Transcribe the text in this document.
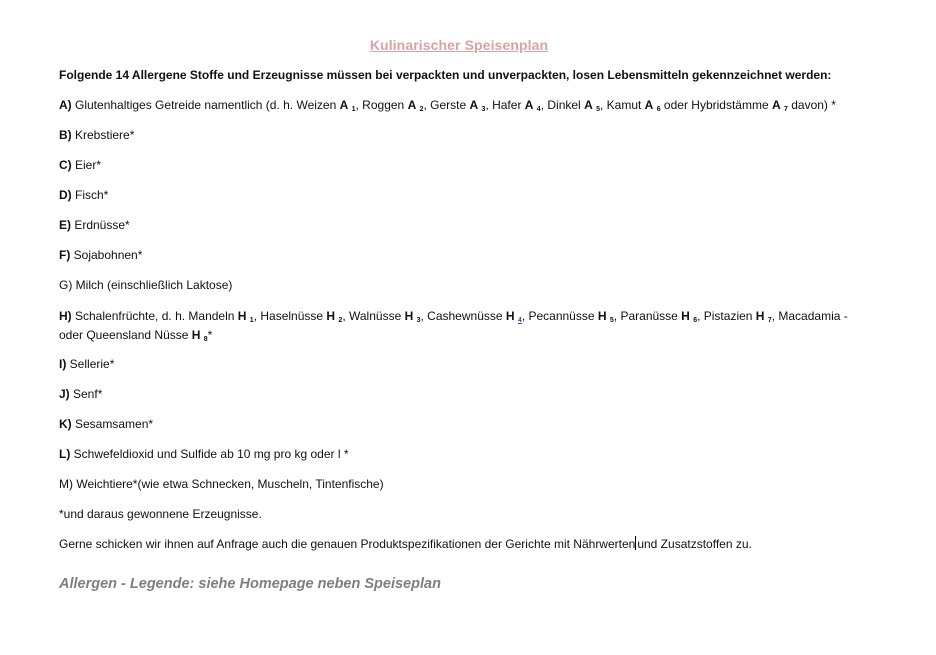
Kulinarischer Speisenplan
Folgende 14 Allergene Stoffe und Erzeugnisse müssen bei verpackten und unverpackten, losen Lebensmitteln gekennzeichnet werden:
A) Glutenhaltiges Getreide namentlich (d. h. Weizen A $_1$, Roggen A $_2$, Gerste A $_3$, Hafer A $_4$, Dinkel A $_5$, Kamut A $_6$ oder Hybridstämme A $_7$ davon) *
B) Krebstiere*
C) Eier*
D) Fisch*
E) Erdnüsse*
F) Sojabohnen*
G) Milch (einschließlich Laktose)
H) Schalenfrüchte, d. h. Mandeln H $_1$, Haselnüsse H $_2$, Walnüsse H $_3$, Cashewnüsse H $_4$, Pecannüsse H $_5$, Paranüsse H $_6$, Pistazien H $_7$, Macadamia - oder Queensland Nüsse H $_8$*
I) Sellerie*
J) Senf*
K) Sesamsamen*
L) Schwefeldioxid und Sulfide ab 10 mg pro kg oder l *
M) Weichtiere*(wie etwa Schnecken, Muscheln, Tintenfische)
*und daraus gewonnene Erzeugnisse.
Gerne schicken wir ihnen auf Anfrage auch die genauen Produktspezifikationen der Gerichte mit Nährwerten und Zusatzstoffen zu.
Allergen - Legende: siehe Homepage neben Speiseplan
